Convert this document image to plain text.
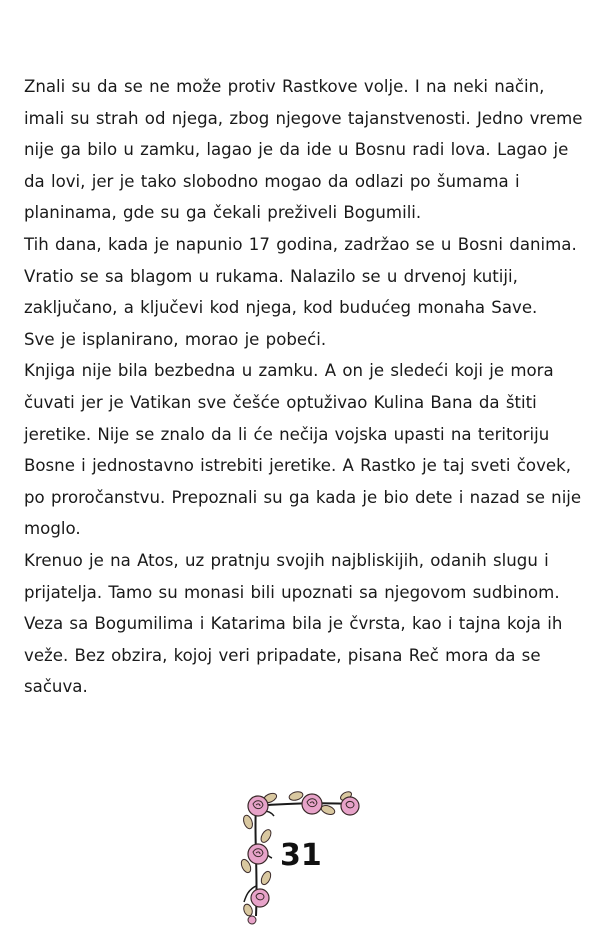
Znali su da se ne može protiv Rastkove volje. I na neki način, imali su strah od njega, zbog njegove tajanstvenosti. Jedno vreme nije ga bilo u zamku, lagao je da ide u Bosnu radi lova. Lagao je da lovi, jer je tako slobodno mogao da odlazi po šumama i planinama, gde su ga čekali preživeli Bogumili.

Tih dana, kada je napunio 17 godina, zadržao se u Bosni danima. Vratio se sa blagom u rukama. Nalazilo se u drvenoj kutiji, zaključano, a ključevi kod njega, kod budućeg monaha Save.

Sve je isplanirano, morao je pobeći.

Knjiga nije bila bezbedna u zamku. A on je sledeći koji je mora čuvati jer je Vatikan sve češće optuživao Kulina Bana da štiti jeretike. Nije se znalo da li će nečija vojska upasti na teritoriju Bosne i jednostavno istrebiti jeretike. A Rastko je taj sveti čovek, po proročanstvu. Prepoznali su ga kada je bio dete i nazad se nije moglo.

Krenuo je na Atos, uz pratnju svojih najbliskijih, odanih slugu i prijatelja. Tamo su monasi bili upoznati sa njegovom sudbinom. Veza sa Bogumilima i Katarima bila je čvrsta, kao i tajna koja ih veže. Bez obzira, kojoj veri pripadate, pisana Reč mora da se sačuva.

31
